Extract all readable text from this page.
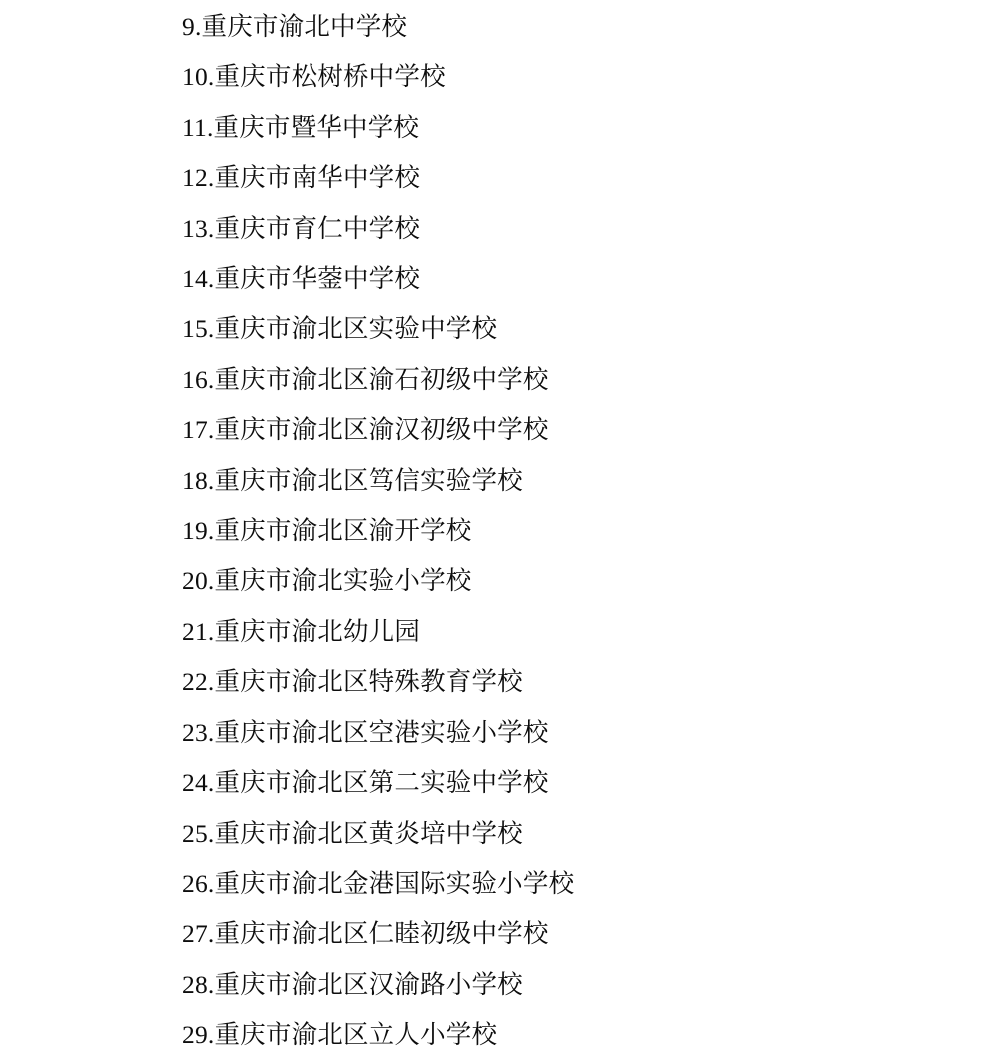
9.重庆市渝北中学校
10.重庆市松树桥中学校
11.重庆市暨华中学校
12.重庆市南华中学校
13.重庆市育仁中学校
14.重庆市华蓥中学校
15.重庆市渝北区实验中学校
16.重庆市渝北区渝石初级中学校
17.重庆市渝北区渝汉初级中学校
18.重庆市渝北区笃信实验学校
19.重庆市渝北区渝开学校
20.重庆市渝北实验小学校
21.重庆市渝北幼儿园
22.重庆市渝北区特殊教育学校
23.重庆市渝北区空港实验小学校
24.重庆市渝北区第二实验中学校
25.重庆市渝北区黄炎培中学校
26.重庆市渝北金港国际实验小学校
27.重庆市渝北区仁睦初级中学校
28.重庆市渝北区汉渝路小学校
29.重庆市渝北区立人小学校
